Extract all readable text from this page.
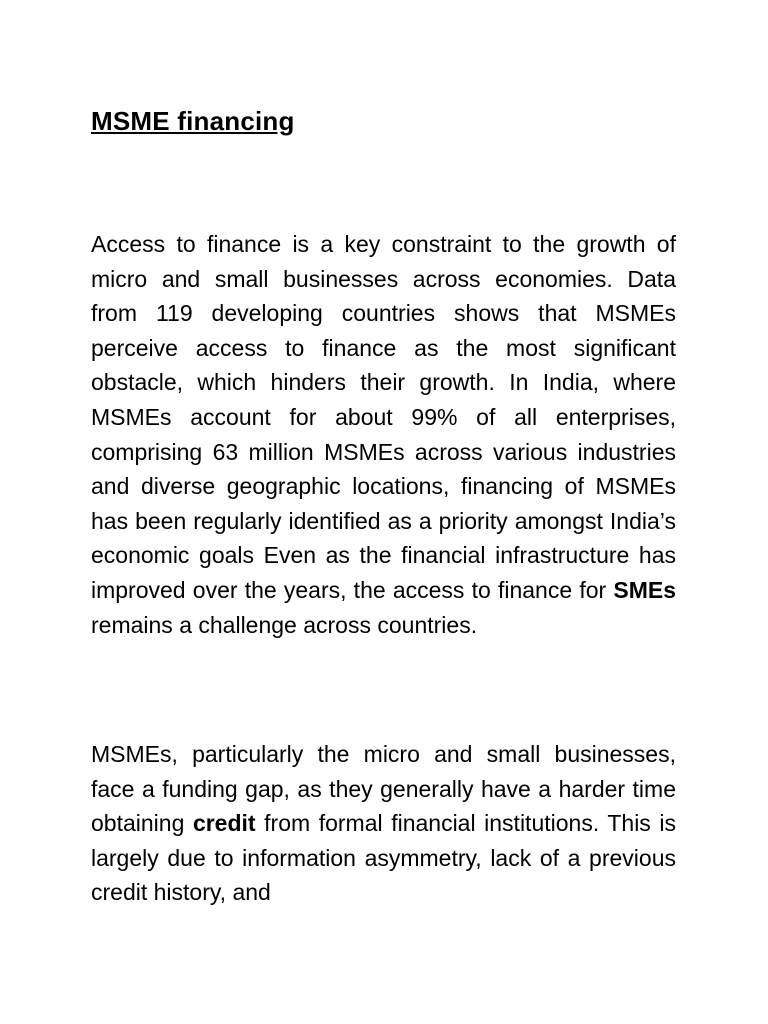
MSME financing

Access to finance is a key constraint to the growth of micro and small businesses across economies. Data from 119 developing countries shows that MSMEs perceive access to finance as the most significant obstacle, which hinders their growth. In India, where MSMEs account for about 99% of all enterprises, comprising 63 million MSMEs across various industries and diverse geographic locations, financing of MSMEs has been regularly identified as a priority amongst India’s economic goals Even as the financial infrastructure has improved over the years, the access to finance for SMEs remains a challenge across countries.

MSMEs, particularly the micro and small businesses, face a funding gap, as they generally have a harder time obtaining credit from formal financial institutions. This is largely due to information asymmetry, lack of a previous credit history, and
